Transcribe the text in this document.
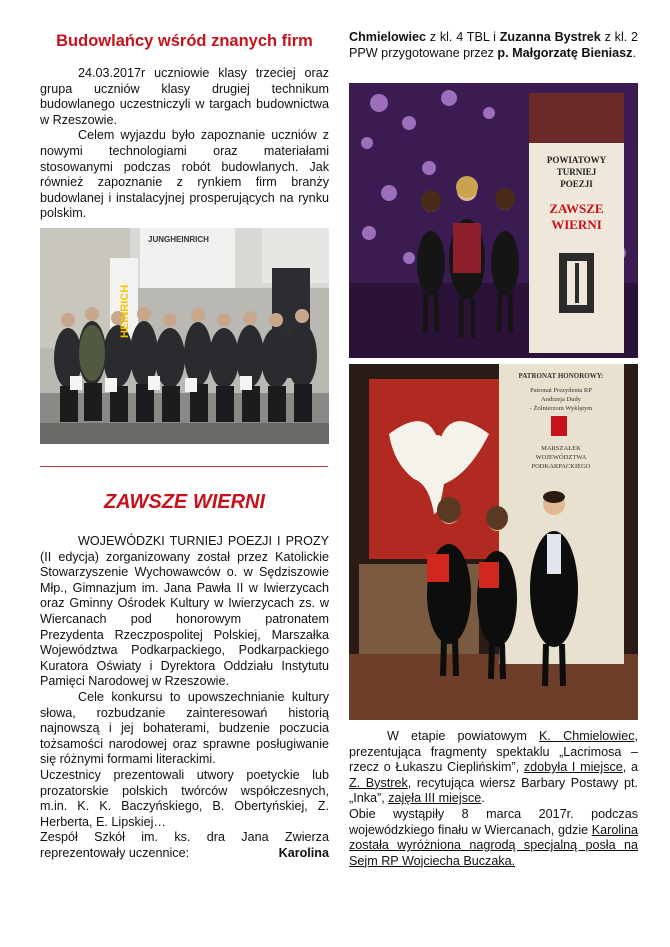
Budowlańcy wśród znanych firm

24.03.2017r uczniowie klasy trzeciej oraz grupa uczniów klasy drugiej technikum budowlanego uczestniczyli w targach budownictwa w Rzeszowie.

Celem wyjazdu było zapoznanie uczniów z nowymi technologiami oraz materiałami stosowanymi podczas robót budowlanych. Jak również zapoznanie z rynkiem firm branży budowlanej i instalacyjnej prosperujących na rynku polskim.

JUNGHEINRICH
HEINRICH
ZAWSZE WIERNI

WOJEWÓDZKI TURNIEJ POEZJI I PROZY (II edycja) zorganizowany został przez Katolickie Stowarzyszenie Wychowawców o. w Sędziszowie Młp., Gimnazjum im. Jana Pawła II w Iwierzycach oraz Gminny Ośrodek Kultury w Iwierzycach zs. w Wiercanach pod honorowym patronatem Prezydenta Rzeczpospolitej Polskiej, Marszałka Województwa Podkarpackiego, Podkarpackiego Kuratora Oświaty i Dyrektora Oddziału Instytutu Pamięci Narodowej w Rzeszowie.

Cele konkursu to upowszechnianie kultury słowa, rozbudzanie zainteresowań historią najnowszą i jej bohaterami, budzenie poczucia tożsamości narodowej oraz sprawne posługiwanie się różnymi formami literackimi.

Uczestnicy prezentowali utwory poetyckie lub prozatorskie polskich twórców współczesnych, m.in. K. K. Baczyńskiego, B. Obertyńskiej, Z. Herberta, E. Lipskiej…

Zespół Szkół im. ks. dra Jana Zwierza reprezentowały uczennice:	Karolina

Chmielowiec z kl. 4 TBL i Zuzanna Bystrek z kl. 2 PPW przygotowane przez p. Małgorzatę Bieniasz.

POWIATOWY
TURNIEJ
POEZJI
ZAWSZE
WIERNI
PATRONAT HONOROWY:
Patronat Prezydenta RP
Andrzeja Dudy
- Żołnierzom Wyklętym
MARSZAŁEK
WOJEWÓDZTWA
PODKARPACKIEGO

W etapie powiatowym K. Chmielowiec, prezentująca fragmenty spektaklu „Lacrimosa – rzecz o Łukaszu Cieplińskim”, zdobyła I miejsce, a Z. Bystrek, recytująca wiersz Barbary Postawy pt. „Inka”, zajęła III miejsce.

Obie wystąpiły 8 marca 2017r. podczas wojewódzkiego finału w Wiercanach, gdzie Karolina została wyróżniona nagrodą specjalną posła na Sejm RP Wojciecha Buczaka.
